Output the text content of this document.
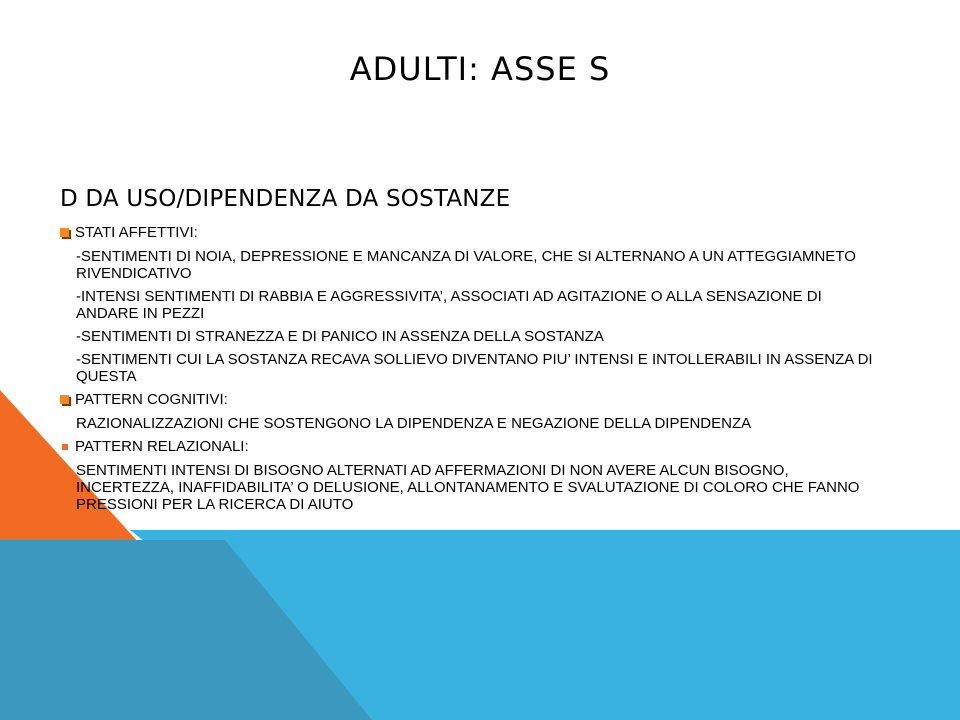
ADULTI: ASSE S
D DA USO/DIPENDENZA DA SOSTANZE
STATI AFFETTIVI:
-SENTIMENTI DI NOIA, DEPRESSIONE E MANCANZA DI VALORE, CHE SI ALTERNANO A UN ATTEGGIAMNETO RIVENDICATIVO
-INTENSI SENTIMENTI DI RABBIA E AGGRESSIVITA’, ASSOCIATI AD AGITAZIONE O ALLA SENSAZIONE DI ANDARE IN PEZZI
-SENTIMENTI DI STRANEZZA E DI PANICO IN ASSENZA DELLA SOSTANZA
-SENTIMENTI CUI LA SOSTANZA RECAVA SOLLIEVO DIVENTANO PIU’ INTENSI E INTOLLERABILI IN ASSENZA DI QUESTA
PATTERN COGNITIVI:
RAZIONALIZZAZIONI CHE SOSTENGONO LA DIPENDENZA E NEGAZIONE DELLA DIPENDENZA
PATTERN RELAZIONALI:
SENTIMENTI INTENSI DI BISOGNO ALTERNATI AD AFFERMAZIONI DI NON AVERE ALCUN BISOGNO, INCERTEZZA, INAFFIDABILITA’ O DELUSIONE, ALLONTANAMENTO E SVALUTAZIONE DI COLORO CHE FANNO PRESSIONI PER LA RICERCA DI AIUTO
